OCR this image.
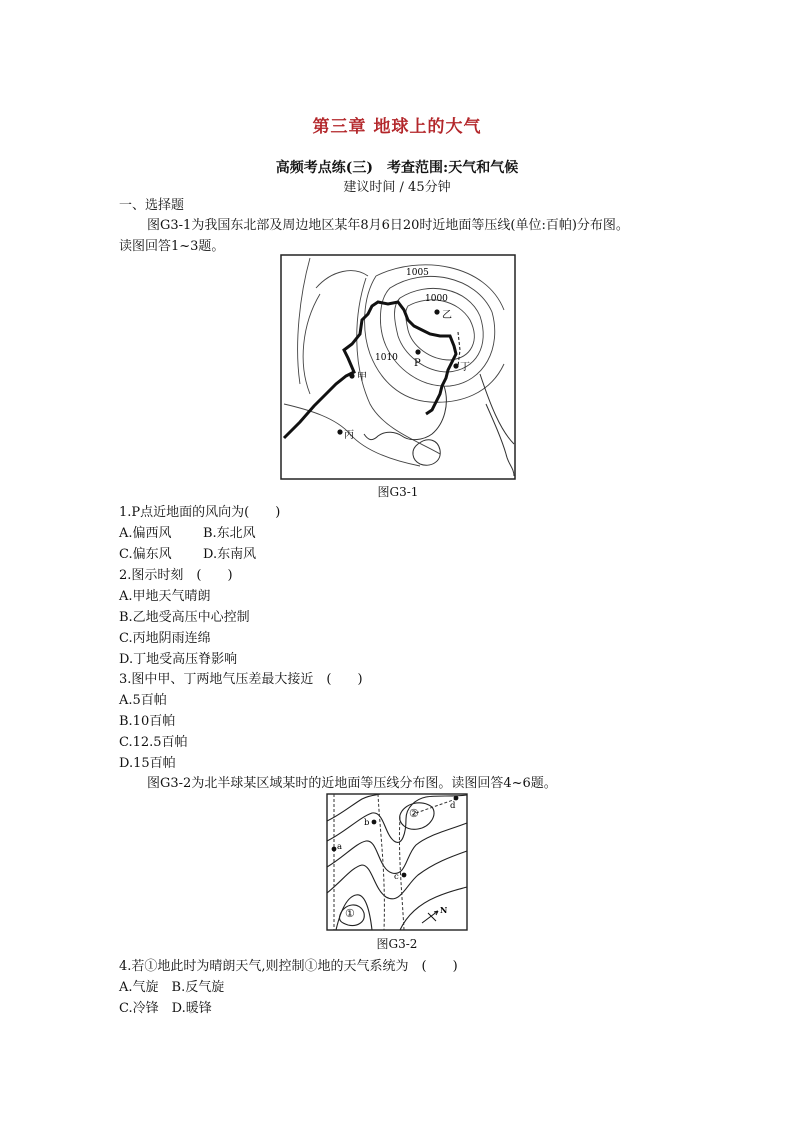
第三章 地球上的大气
高频考点练(三)　考查范围:天气和气候
建议时间 / 45分钟
一、选择题
图G3-1为我国东北部及周边地区某年8月6日20时近地面等压线(单位:百帕)分布图。
读图回答1~3题。
1005
1000
1010
乙
P	丁
甲
丙
图G3-1
1.P点近地面的风向为(　　)
A.偏西风 B.东北风
C.偏东风 D.东南风
2.图示时刻　(　　)
A.甲地天气晴朗
B.乙地受高压中心控制
C.丙地阴雨连绵
D.丁地受高压脊影响
3.图中甲、丁两地气压差最大接近　(　　)
A.5百帕
B.10百帕
C.12.5百帕
D.15百帕
图G3-2为北半球某区域某时的近地面等压线分布图。读图回答4~6题。
a
b
c
d
①
②
N
图G3-2
4.若①地此时为晴朗天气,则控制①地的天气系统为　(　　)
A.气旋　B.反气旋
C.冷锋　D.暖锋
